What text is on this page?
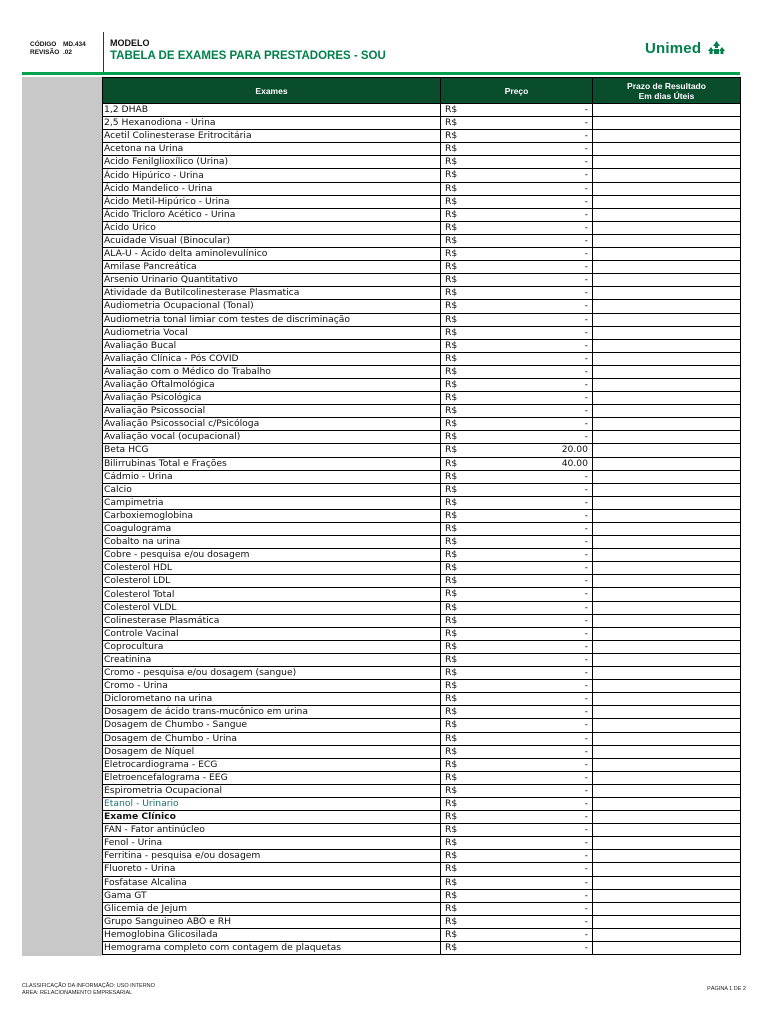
CÓDIGO MD.434
REVISÃO .02
MODELO
TABELA DE EXAMES PARA PRESTADORES - SOU	Unimed
Exames	Preço	Prazo de Resultado
Em dias Úteis
1,2 DHAB	R$ -	

2,5 Hexanodiona - Urina	R$ -	

Acetil Colinesterase Eritrocitária	R$ -	

Acetona na Urina	R$ -	

Acido Fenilglioxílico (Urina)	R$ -	

Ácido Hipúrico - Urina	R$ -	

Ácido Mandelico - Urina	R$ -	

Ácido Metil-Hipúrico - Urina	R$ -	

Ácido Tricloro Acético - Urina	R$ -	

Ácido Urico	R$ -	

Acuidade Visual (Binocular)	R$ -	

ALA-U - Ácido delta aminolevulínico	R$ -	

Amilase Pancreática	R$ -	

Arsenio Urinario Quantitativo	R$ -	

Atividade da Butilcolinesterase Plasmatica	R$ -	

Audiometria Ocupacional (Tonal)	R$ -	

Audiometria tonal limiar com testes de discriminação	R$ -	

Audiometria Vocal	R$ -	

Avaliação Bucal	R$ -	

Avaliação Clínica - Pós COVID	R$ -	

Avaliação com o Médico do Trabalho	R$ -	

Avaliação Oftalmológica	R$ -	

Avaliação Psicológica	R$ -	

Avaliação Psicossocial	R$ -	

Avaliação Psicossocial c/Psicóloga	R$ -	

Avaliação vocal (ocupacional)	R$ -	

Beta HCG	R$ 20.00	

Bilirrubinas Total e Frações	R$ 40.00	

Cádmio - Urina	R$ -	

Calcio	R$ -	

Campimetria	R$ -	

Carboxiemoglobina	R$ -	

Coagulograma	R$ -	

Cobalto na urina	R$ -	

Cobre - pesquisa e/ou dosagem	R$ -	

Colesterol HDL	R$ -	

Colesterol LDL	R$ -	

Colesterol Total	R$ -	

Colesterol VLDL	R$ -	

Colinesterase Plasmática	R$ -	

Controle Vacinal	R$ -	

Coprocultura	R$ -	

Creatinina	R$ -	

Cromo - pesquisa e/ou dosagem (sangue)	R$ -	

Cromo - Urina	R$ -	

Diclorometano na urina	R$ -	

Dosagem de ácido trans-mucônico em urina	R$ -	

Dosagem de Chumbo - Sangue	R$ -	

Dosagem de Chumbo - Urina	R$ -	

Dosagem de Níquel	R$ -	

Eletrocardiograma - ECG	R$ -	

Eletroencefalograma - EEG	R$ -	

Espirometria Ocupacional	R$ -	

Etanol - Urinario	R$ -	

Exame Clínico	R$ -	

FAN - Fator antinúcleo	R$ -	

Fenol - Urina	R$ -	

Ferritina - pesquisa e/ou dosagem	R$ -	

Fluoreto - Urina	R$ -	

Fosfatase Alcalina	R$ -	

Gama GT	R$ -	

Glicemia de Jejum	R$ -	

Grupo Sanguineo ABO e RH	R$ -	

Hemoglobina Glicosilada	R$ -	

Hemograma completo com contagem de plaquetas	R$ -	

CLASSIFICAÇÃO DA INFORMAÇÃO: USO INTERNO
ÁREA: RELACIONAMENTO EMPRESARIAL
PÁGINA 1 DE 2
